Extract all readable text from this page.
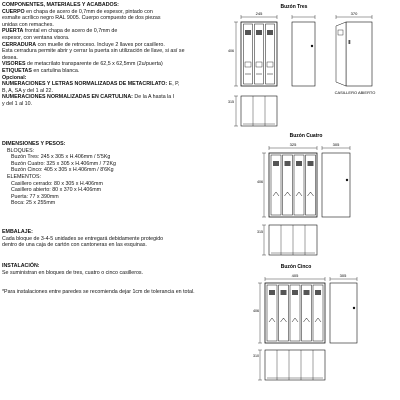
COMPONENTES, MATERIALES Y ACABADOS:
CUERPO en chapa de acero de 0,7mm de espesor, pintado con
esmalte acrílico negro RAL 9005. Cuerpo compuesto de dos piezas
unidas con remaches.
PUERTA frontal en chapa de acero de 0,7mm de
espesor, con ventana visora.
CERRADURA con muelle de retroceso. Incluye 2 llaves por casillero.
Esta cerradura permite abrir y cerrar la puerta sin utilización de llave, si así se
desea.
VISORES de metacrilato transparente de 62,5 x 62,5mm (2u/puerta)
ETIQUETAS en cartulina blanca.
Opcional:
NUMERACIONES Y LETRAS NORMALIZADAS DE METACRILATO: E, P,
B, A, SA y del 1 al 22.
NUMERACIONES NORMALIZADAS EN CARTULINA: De la A hasta la I
y del 1 al 10.
DIMENSIONES Y PESOS:
BLOQUES:
Buzón Tres: 245 x 305 x H.406mm / 5'5Kg
Buzón Cuatro: 325 x 305 x H.406mm / 7'2Kg
Buzón Cinco: 405 x 305 x H.406mm / 8'6Kg
ELEMENTOS:
Casillero cerrado: 80 x 305 x H.406mm
Casillero abierto: 80 x 370 x H.406mm
Puerta: 77 x 390mm
Boca: 25 x 255mm
EMBALAJE:
Cada bloque de 3-4-5 unidades se entregará debidamente protegido
dentro de una caja de cartón con cantoneras en las esquinas.
INSTALACIÓN:
Se suministran en bloques de tres, cuatro o cinco casilleros.
*Para instalaciones entre paredes se recomienda dejar 1cm de tolerancia en total.
Buzón Tres
245
406
370
CASILLERO ABIERTO
315
Buzón Cuatro
325	305
406
315
Buzón Cinco
405	305
406
310
